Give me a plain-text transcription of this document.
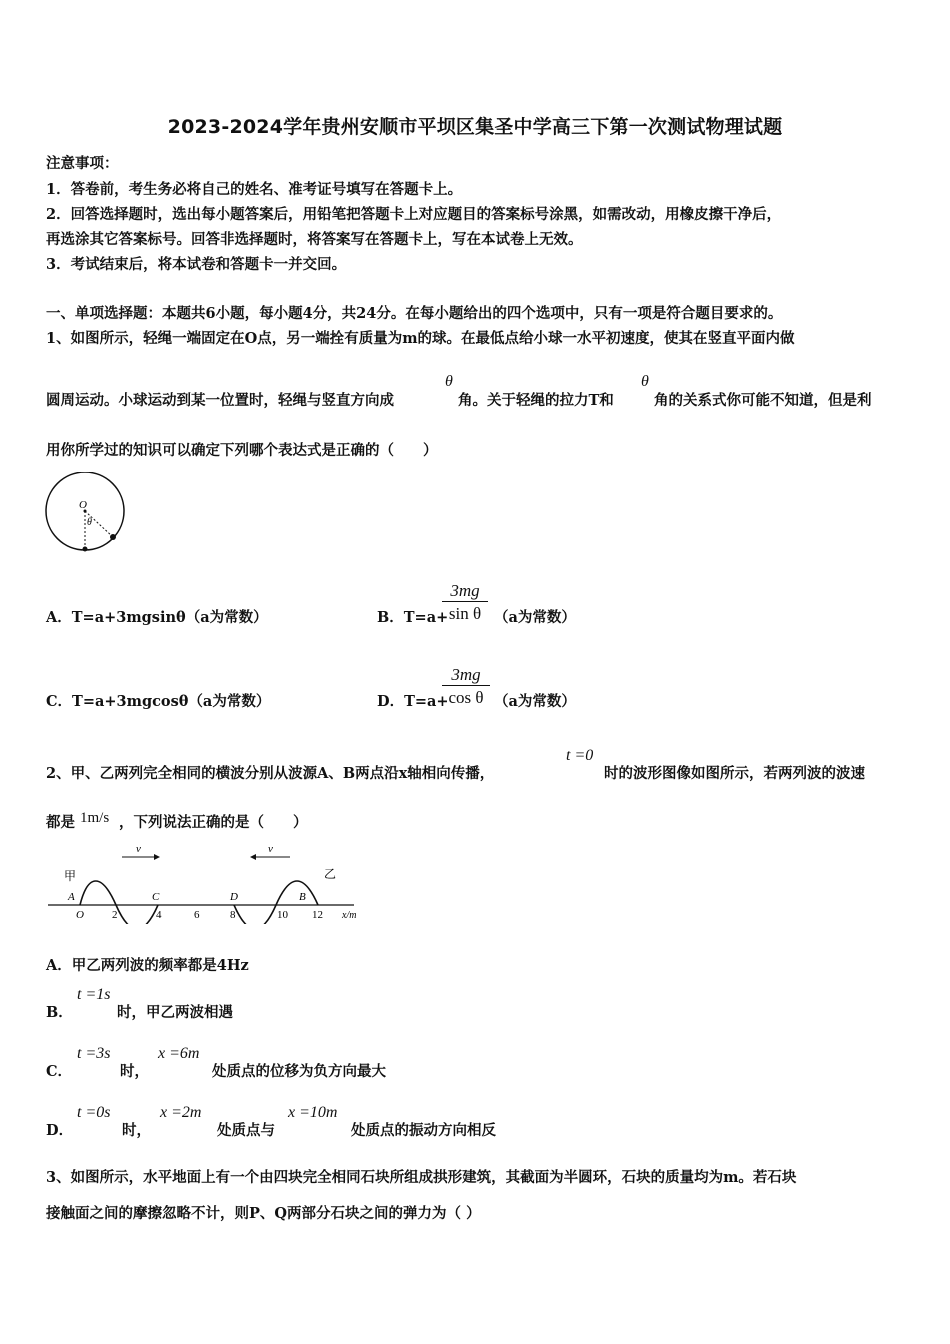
2023-2024学年贵州安顺市平坝区集圣中学高三下第一次测试物理试题
注意事项：
1．答卷前，考生务必将自己的姓名、准考证号填写在答题卡上。
2．回答选择题时，选出每小题答案后，用铅笔把答题卡上对应题目的答案标号涂黑，如需改动，用橡皮擦干净后，
再选涂其它答案标号。回答非选择题时，将答案写在答题卡上，写在本试卷上无效。
3．考试结束后，将本试卷和答题卡一并交回。
一、单项选择题：本题共6小题，每小题4分，共24分。在每小题给出的四个选项中，只有一项是符合题目要求的。
1、如图所示，轻绳一端固定在O点，另一端拴有质量为m的球。在最低点给小球一水平初速度，使其在竖直平面内做
圆周运动。小球运动到某一位置时，轻绳与竖直方向成
θ
角。关于轻绳的拉力T和
θ
角的关系式你可能不知道，但是利
用你所学过的知识可以确定下列哪个表达式是正确的（　　）
O
θ
A．T=a+3mgsinθ（a为常数）	B．T=a+
$\frac{3mg}{\text{sin θ}} (a$为常数）
C．T=a+3mgcosθ（a为常数）	D．T=a+
$\frac{3mg}{\text{cos θ}} (a$为常数）
2、甲、乙两列完全相同的横波分别从波源A、B两点沿x轴相向传播，
t =0
时的波形图像如图所示，若两列波的波速
都是 1m/s ，下列说法正确的是（　　）
v	v
甲	乙
A	C	D	B
O	2	4	6	8	10 12 x/m
A．甲乙两列波的频率都是4Hz
B．
t =1s
时，甲乙两波相遇
C．
t =3s
时，
x =6m
处质点的位移为负方向最大
D．
t =0s
时，
x =2m
处质点与
x =10m
处质点的振动方向相反
3、如图所示，水平地面上有一个由四块完全相同石块所组成拱形建筑，其截面为半圆环，石块的质量均为m。若石块
接触面之间的摩擦忽略不计，则P、Q两部分石块之间的弹力为（ ）
